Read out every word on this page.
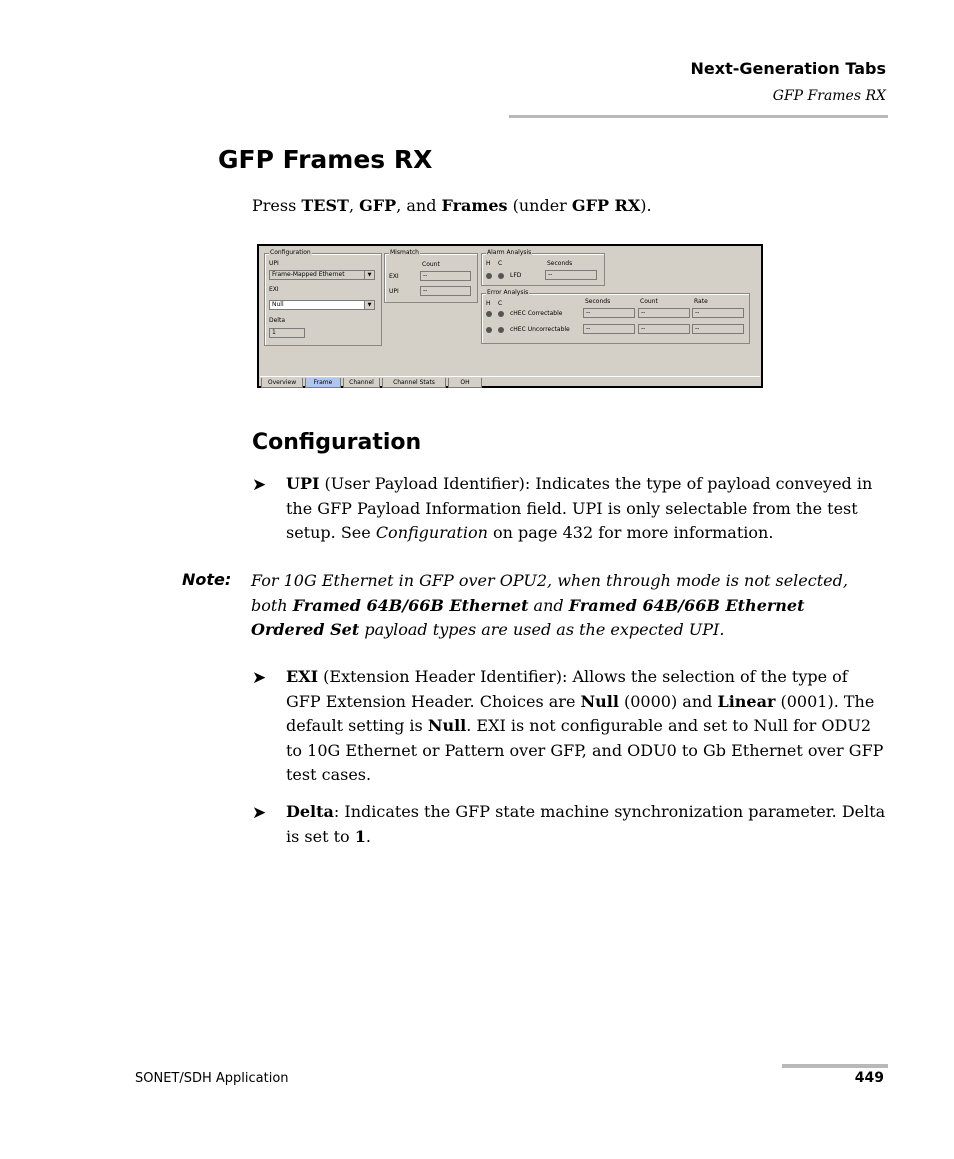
Next-Generation Tabs
GFP Frames RX
GFP Frames RX
Press TEST, GFP, and Frames (under GFP RX).
Configuration
UPI
Frame-Mapped Ethernet	▼
EXI
Null	▼
Delta
1
Mismatch
Count
EXI	--
UPI	--
Alarm Analysis
H C	Seconds
LFD	--
Error Analysis
H C	Seconds	Count	Rate
cHEC Correctable	--	--	--
cHEC Uncorrectable	--	--	--
Overview	Frame	Channel	Channel Stats	OH
Configuration
➤ UPI (User Payload Identifier): Indicates the type of payload conveyed in the GFP Payload Information field. UPI is only selectable from the test setup. See Configuration on page 432 for more information.
Note: For 10G Ethernet in GFP over OPU2, when through mode is not selected, both Framed 64B/66B Ethernet and Framed 64B/66B Ethernet Ordered Set payload types are used as the expected UPI.
➤ EXI (Extension Header Identifier): Allows the selection of the type of GFP Extension Header. Choices are Null (0000) and Linear (0001). The default setting is Null. EXI is not configurable and set to Null for ODU2 to 10G Ethernet or Pattern over GFP, and ODU0 to Gb Ethernet over GFP test cases.
➤ Delta: Indicates the GFP state machine synchronization parameter. Delta is set to 1.
SONET/SDH Application	449
